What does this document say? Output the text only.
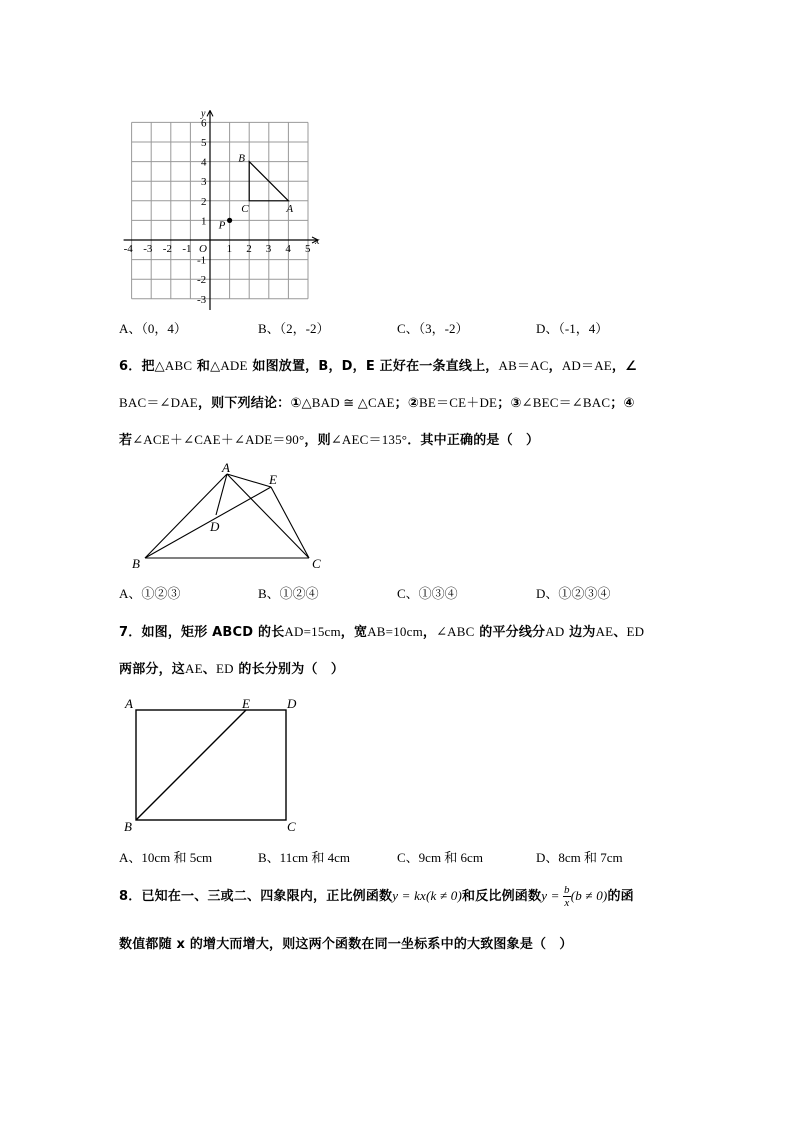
x
y
O
-4 -3 -2 -1	1 2 3 4 5
6
5
4
3
2
1
-1
-2
-3
A
B
C
P
A、（0，4）	B、（2，-2）	C、（3，-2）	D、（-1，4）
6．把△ABC 和△ADE 如图放置，B，D，E 正好在一条直线上，AB＝AC，AD＝AE，∠
BAC＝∠DAE，则下列结论：①△BAD ≅ △CAE；②BE＝CE＋DE；③∠BEC＝∠BAC；④
若∠ACE＋∠CAE＋∠ADE＝90°，则∠AEC＝135°．其中正确的是（　）
A
B	C
D
E
A、①②③	B、①②④	C、①③④	D、①②③④
7．如图，矩形 ABCD 的长AD=15cm，宽AB=10cm，∠ABC 的平分线分AD 边为AE、ED
两部分，这AE、ED 的长分别为（　）
A	E	D
B	C
A、10cm 和 5cm	B、11cm 和 4cm	C、9cm 和 6cm	D、8cm 和 7cm
8．已知在一、三或二、四象限内，正比例函数y = kx(k ≠ 0)和反比例函数$y = \frac{b}{x} (b \ne 0)$的函
数值都随 x 的增大而增大，则这两个函数在同一坐标系中的大致图象是（　）
